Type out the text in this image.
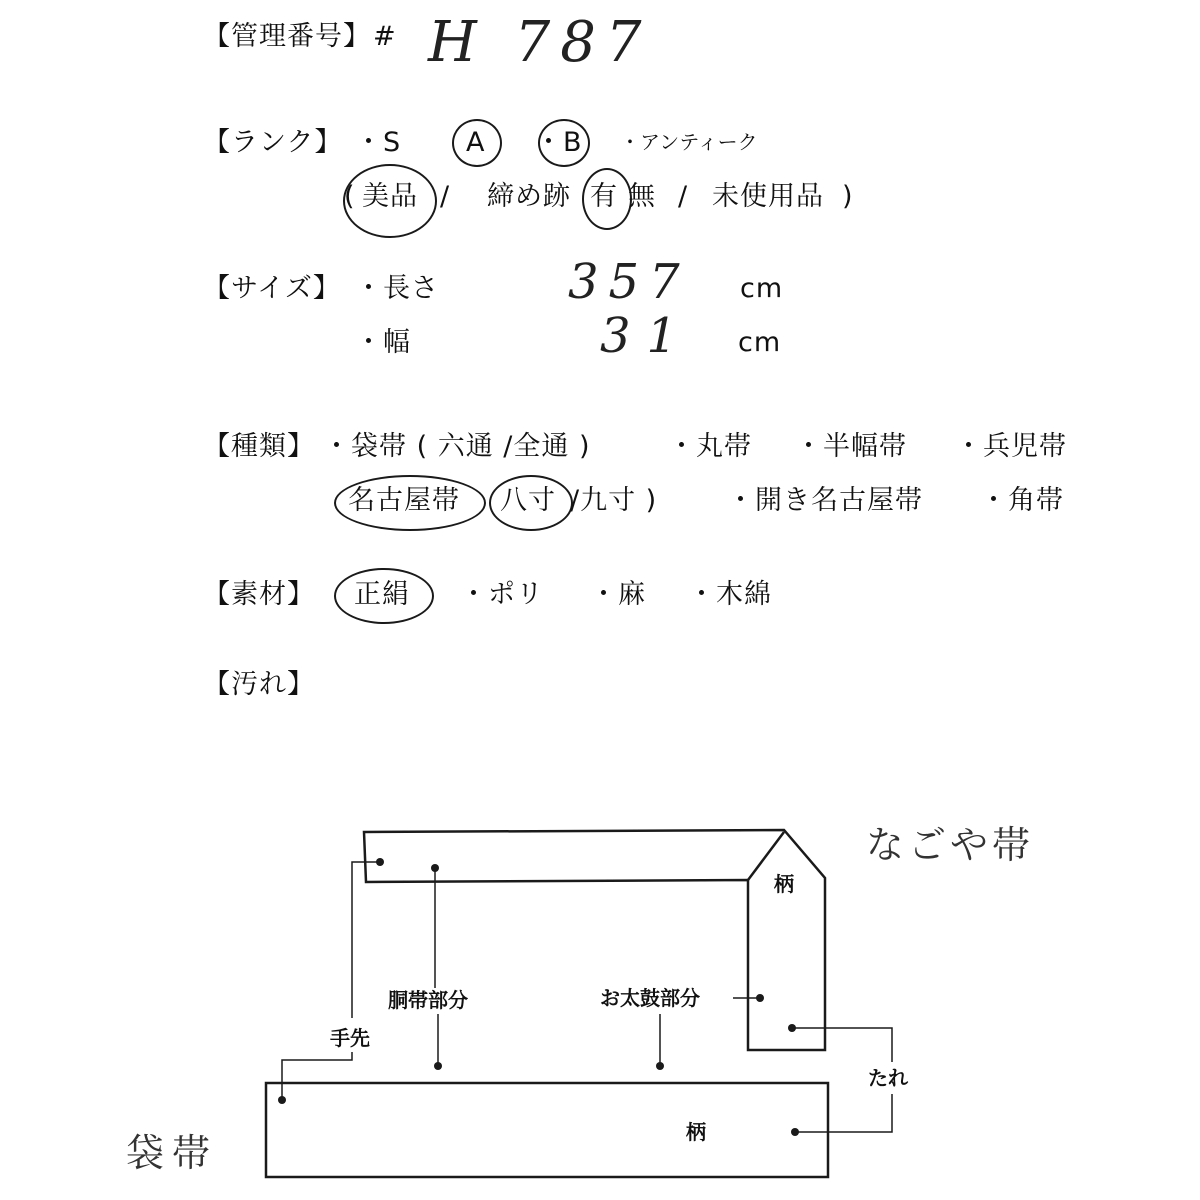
【管理番号】 # H 787
【ランク】 ・S A ・B ・アンティーク
( 美品 / 締め跡 有 無 / 未使用品 )
【サイズ】 ・長さ	357 cm
・幅	31 cm
【種類】 ・袋帯 ( 六通 /全通 )	・丸帯 ・半幅帯 ・兵児帯
名古屋帯 八寸 /九寸 )	・開き名古屋帯 ・角帯
【素材】 正絹 ・ポリ ・麻 ・木綿
【汚れ】
なごや帯
袋帯
柄
柄
胴帯部分	お太鼓部分
手先
たれ
